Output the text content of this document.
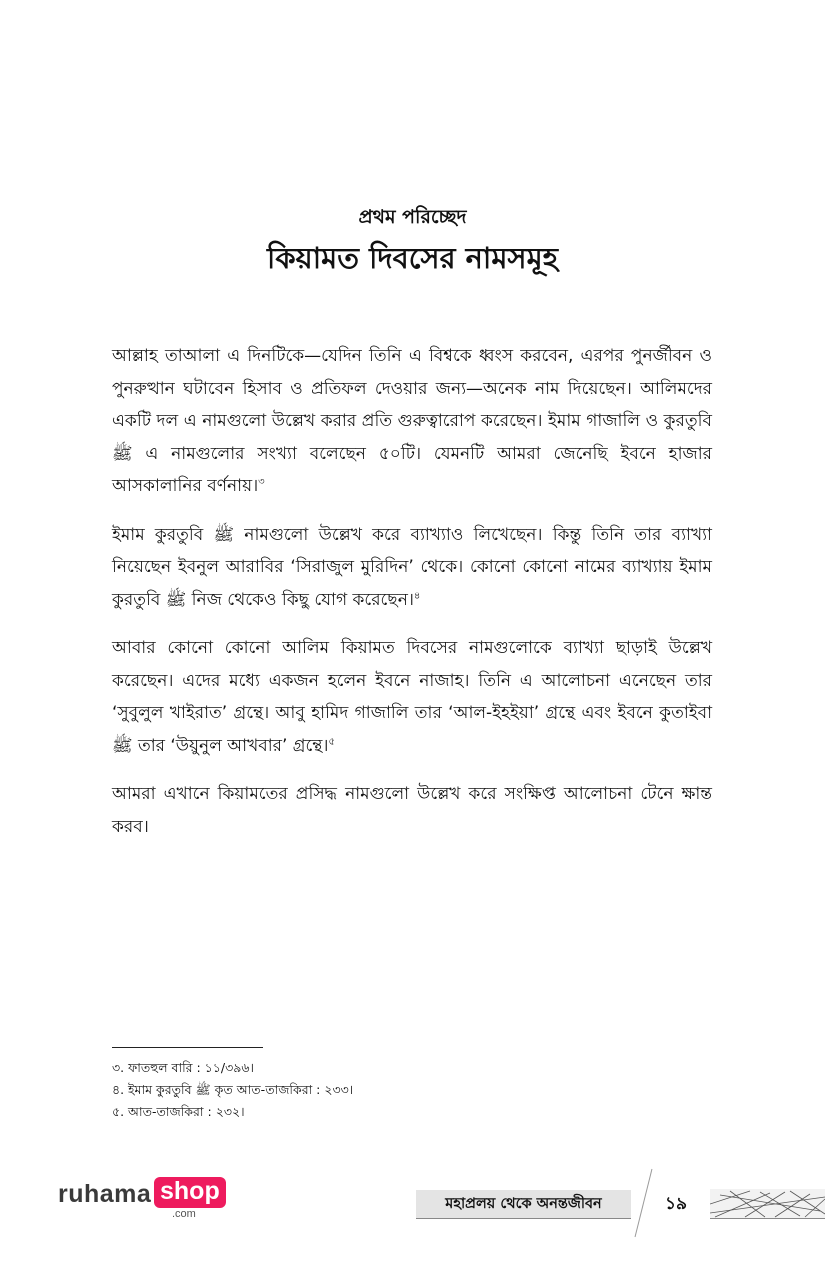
প্রথম পরিচ্ছেদ
কিয়ামত দিবসের নামসমূহ

আল্লাহ তাআলা এ দিনটিকে—যেদিন তিনি এ বিশ্বকে ধ্বংস করবেন, এরপর পুনর্জীবন ও পুনরুত্থান ঘটাবেন হিসাব ও প্রতিফল দেওয়ার জন্য—অনেক নাম দিয়েছেন। আলিমদের একটি দল এ নামগুলো উল্লেখ করার প্রতি গুরুত্বারোপ করেছেন। ইমাম গাজালি ও কুরতুবি ﷺ এ নামগুলোর সংখ্যা বলেছেন ৫০টি। যেমনটি আমরা জেনেছি ইবনে হাজার আসকালানির বর্ণনায়।$^৩$

ইমাম কুরতুবি ﷺ নামগুলো উল্লেখ করে ব্যাখ্যাও লিখেছেন। কিন্তু তিনি তার ব্যাখ্যা নিয়েছেন ইবনুল আরাবির ‘সিরাজুল মুরিদিন’ থেকে। কোনো কোনো নামের ব্যাখ্যায় ইমাম কুরতুবি ﷺ নিজ থেকেও কিছু যোগ করেছেন।$^৪$

আবার কোনো কোনো আলিম কিয়ামত দিবসের নামগুলোকে ব্যাখ্যা ছাড়াই উল্লেখ করেছেন। এদের মধ্যে একজন হলেন ইবনে নাজাহ। তিনি এ আলোচনা এনেছেন তার ‘সুবুলুল খাইরাত’ গ্রন্থে। আবু হামিদ গাজালি তার ‘আল-ইহইয়া’ গ্রন্থে এবং ইবনে কুতাইবা ﷺ তার ‘উয়ুনুল আখবার’ গ্রন্থে।$^৫$

আমরা এখানে কিয়ামতের প্রসিদ্ধ নামগুলো উল্লেখ করে সংক্ষিপ্ত আলোচনা টেনে ক্ষান্ত করব।

৩. ফাতহুল বারি : ১১/৩৯৬।
৪. ইমাম কুরতুবি ﷺ কৃত আত-তাজকিরা : ২৩৩।
৫. আত-তাজকিরা : ২৩২।
ruhama shop
.com
মহাপ্রলয় থেকে অনন্তজীবন	১৯
